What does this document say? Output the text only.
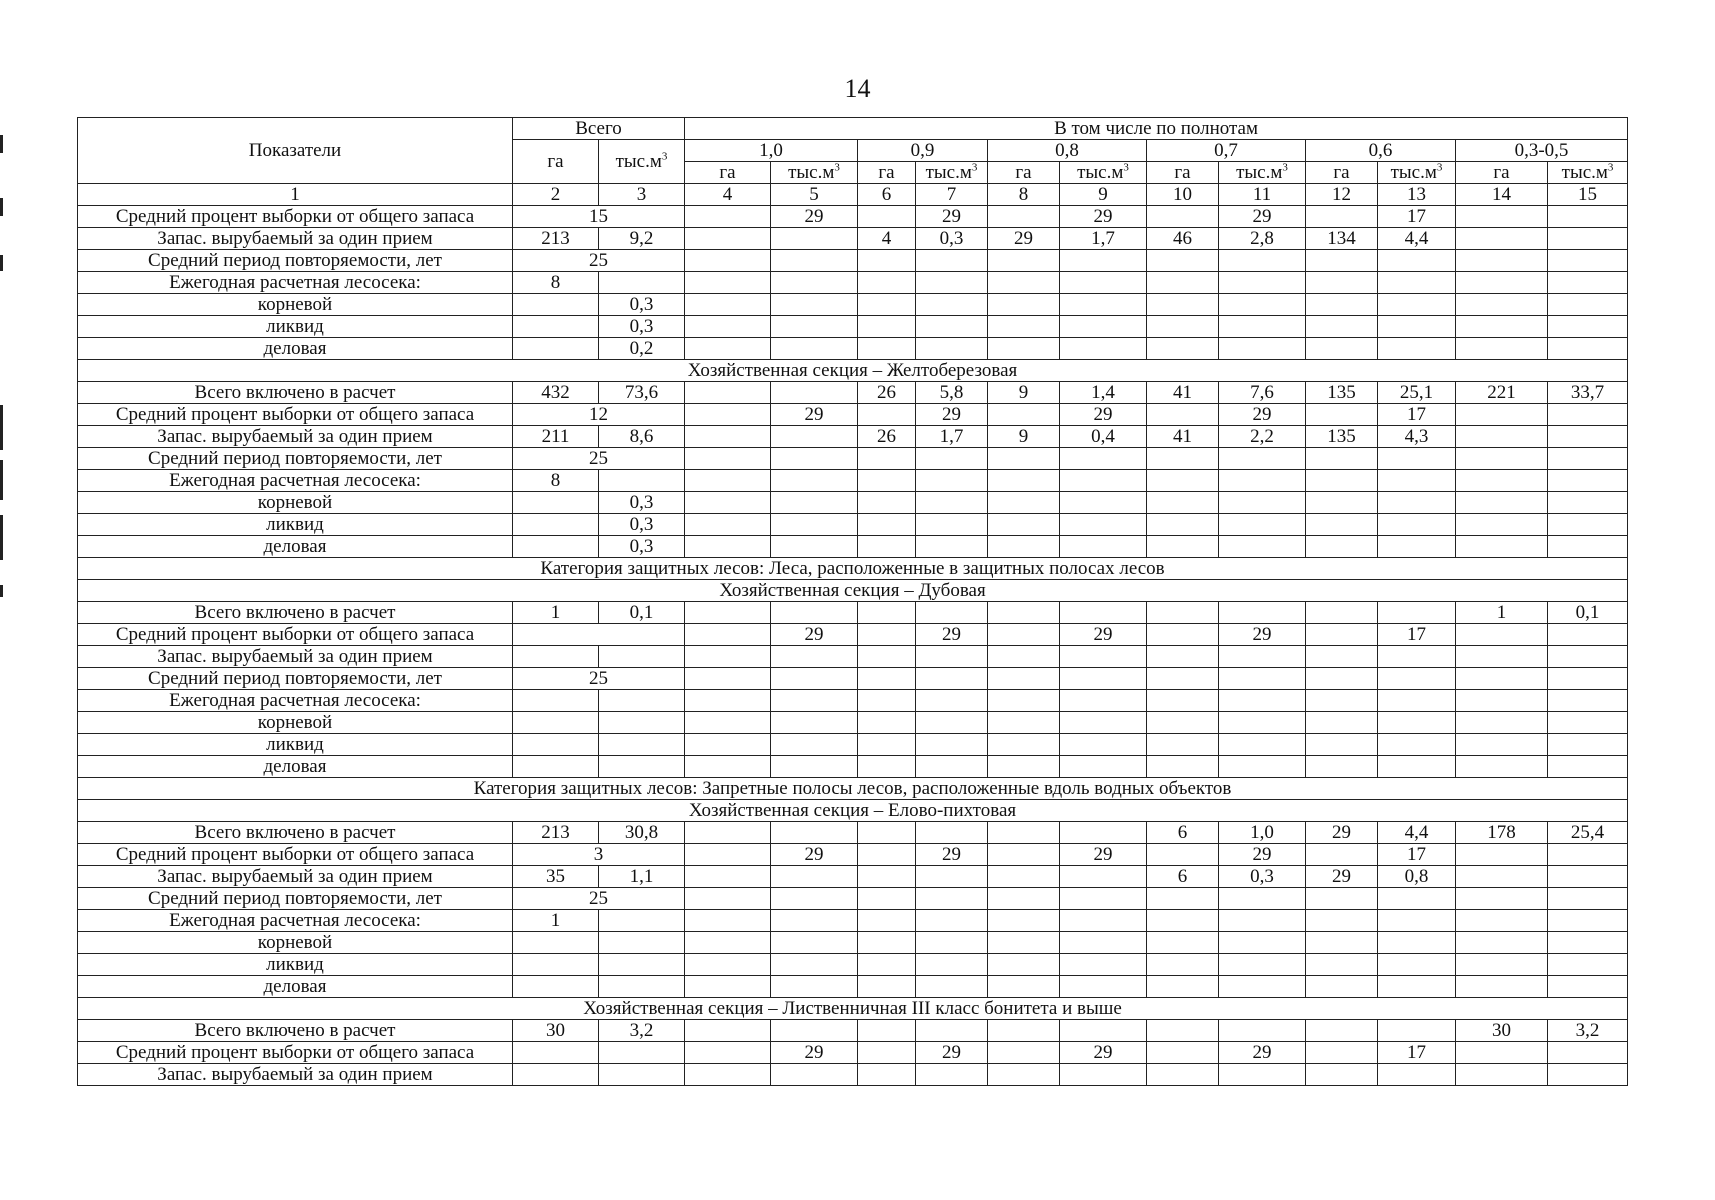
14
Показатели	Всего		В том числе по полнотам											
	га	$тыс.м^3$	1,0		0,9		0,8		0,7		0,6		0,3-0,5	
			га	$тыс.м^3$	га	$тыс.м^3$	га	$тыс.м^3$	га	$тыс.м^3$	га	$тыс.м^3$	га	$тыс.м^3$
1	2	3	4	5	6	7	8	9	10	11	12	13	14	15
Средний процент выборки от общего запаса	15			29		29		29		29		17		
Запас. вырубаемый за один прием	213	9,2			4	0,3	29	1,7	46	2,8	134	4,4		
Средний период повторяемости, лет	25													
Ежегодная расчетная лесосека:	8													
корневой		0,3												
ликвид		0,3												
деловая		0,2												
Хозяйственная секция – Желтоберезовая														
Всего включено в расчет	432	73,6			26	5,8	9	1,4	41	7,6	135	25,1	221	33,7
Средний процент выборки от общего запаса	12			29		29		29		29		17		
Запас. вырубаемый за один прием	211	8,6			26	1,7	9	0,4	41	2,2	135	4,3		
Средний период повторяемости, лет	25													
Ежегодная расчетная лесосека:	8													
корневой		0,3												
ликвид		0,3												
деловая		0,3												
Категория защитных лесов: Леса, расположенные в защитных полосах лесов														
Хозяйственная секция – Дубовая														
Всего включено в расчет	1	0,1											1	0,1
Средний процент выборки от общего запаса				29		29		29		29		17		
Запас. вырубаемый за один прием														
Средний период повторяемости, лет	25													
Ежегодная расчетная лесосека:														
корневой														
ликвид														
деловая														
Категория защитных лесов: Запретные полосы лесов, расположенные вдоль водных объектов														
Хозяйственная секция – Елово-пихтовая														
Всего включено в расчет	213	30,8							6	1,0	29	4,4	178	25,4
Средний процент выборки от общего запаса	3			29		29		29		29		17		
Запас. вырубаемый за один прием	35	1,1							6	0,3	29	0,8		
Средний период повторяемости, лет	25													
Ежегодная расчетная лесосека:	1													
корневой														
ликвид														
деловая														
Хозяйственная секция – Лиственничная III класс бонитета и выше														
Всего включено в расчет	30	3,2											30	3,2
Средний процент выборки от общего запаса				29		29		29		29		17		
Запас. вырубаемый за один прием														
